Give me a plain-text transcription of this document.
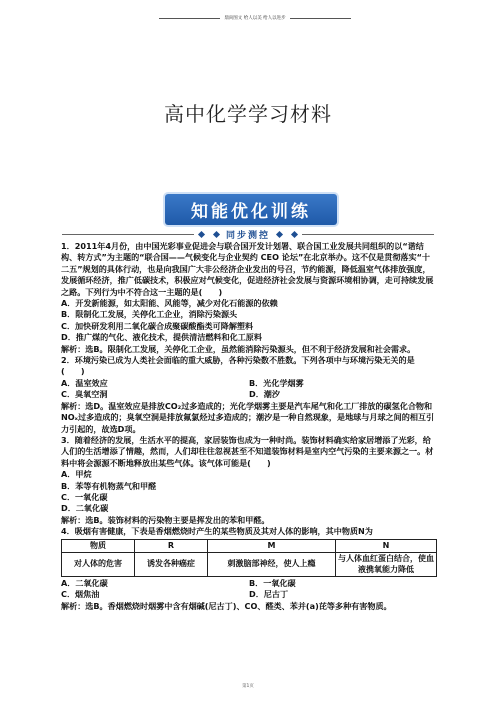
鼎尚图文 给人以美 给人以进步
高中化学学习材料
知能优化训练
同步测控

1．2011年4月份，由中国光彩事业促进会与联合国开发计划署、联合国工业发展共同组织的以“谐结构、转方式”为主题的“联合国——气候变化与企业契约 CEO 论坛”在北京举办。这不仅是贯彻落实“十二五”规划的具体行动，也是向我国广大非公经济企业发出的号召，节约能源，降低温室气体排放强度，发展循环经济，推广低碳技术，积极应对气候变化，促进经济社会发展与资源环境相协调，走可持续发展之路。下列行为中不符合这一主题的是(　　)

A．开发新能源，如太阳能、风能等，减少对化石能源的依赖

B．限制化工发展，关停化工企业，消除污染源头

C．加快研发利用二氧化碳合成聚碳酸酯类可降解塑料

D．推广煤的气化、液化技术，提供清洁燃料和化工原料

解析：选B。限制化工发展，关停化工企业，虽然能消除污染源头，但不利于经济发展和社会需求。

2．环境污染已成为人类社会面临的重大威胁，各种污染数不胜数。下列各项中与环境污染无关的是(　　)

A．温室效应	B．光化学烟雾
C．臭氧空洞	D．潮汐

解析：选D。温室效应是排放CO₂过多造成的；光化学烟雾主要是汽车尾气和化工厂排放的碳氢化合物和NOₓ过多造成的；臭氧空洞是排放氟氯烃过多造成的；潮汐是一种自然现象，是地球与月球之间的相互引力引起的，故选D项。

3．随着经济的发展，生活水平的提高，家居装饰也成为一种时尚。装饰材料确实给家居增添了光彩，给人们的生活增添了情趣，然而，人们却往往忽视甚至不知道装饰材料是室内空气污染的主要来源之一。材料中将会源源不断地释放出某些气体。该气体可能是(　　)

A．甲烷

B．苯等有机物蒸气和甲醛

C．一氧化碳

D．二氧化碳

解析：选B。装饰材料的污染物主要是挥发出的苯和甲醛。

4．吸烟有害健康，下表是香烟燃烧时产生的某些物质及其对人体的影响，其中物质N为

物质	R	M	N
对人体的危害	诱发各种癌症	刺激脑部神经，使人上瘾	与人体血红蛋白结合，使血液携氧能力降低
A．二氧化碳	B．一氧化碳
C．烟焦油	D．尼古丁

解析：选B。香烟燃烧时烟雾中含有烟碱(尼古丁)、CO、醛类、苯并(a)芘等多种有害物质。

第1页
